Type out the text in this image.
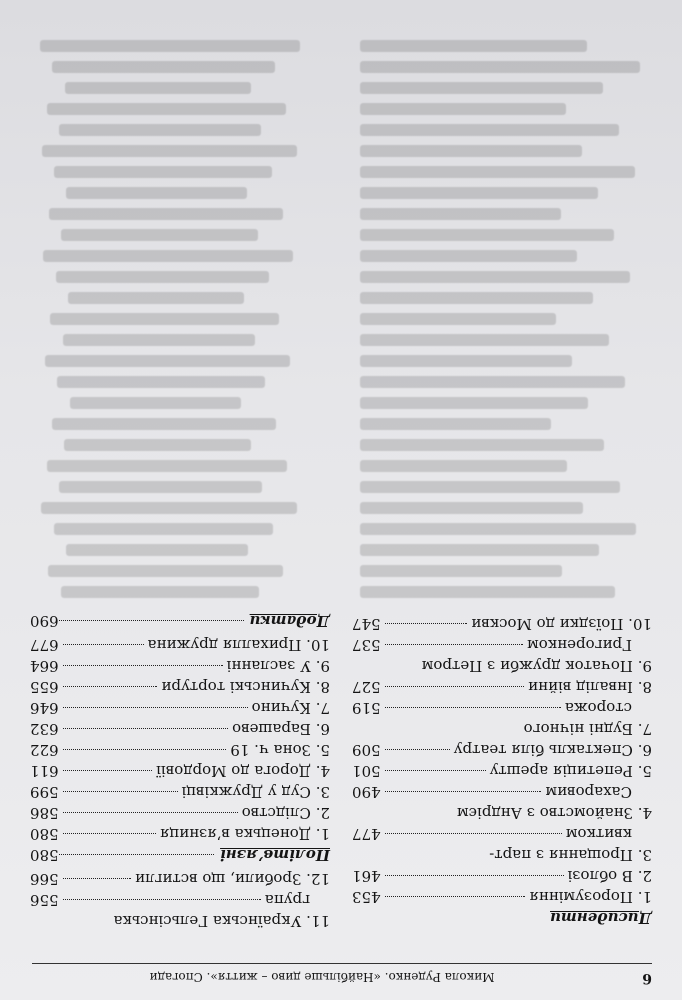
6
Микола Руденко. «Найбільше диво – життя». Спогади
Дисиденти
1. Порозуміння
453
2. В облозі
461
3. Прощання з парт-
квитком
477
4. Знайомство з Андрієм
Сахаровим
490
5. Репетиція арешту
501
6. Спектакль біля театру
509
7. Будні нічного
сторожа
519
8. Інвалід війни
527
9. Початок дружби з Петром
Григоренком
537
10. Поїздки до Москви
547
11. Українська Гельсінська
група
556
12. Зробили, що встигли
566
Політв’язні
580
1. Донецька в’язниця
580
2. Слідство
586
3. Суд у Дружківці
599
4. Дорога до Мордовії
611
5. Зона ч. 19
622
6. Барашево
632
7. Кучино
646
8. Кучинські тортури
655
9. У засланні
664
10. Прихалля дружина
677
Додатки
690
